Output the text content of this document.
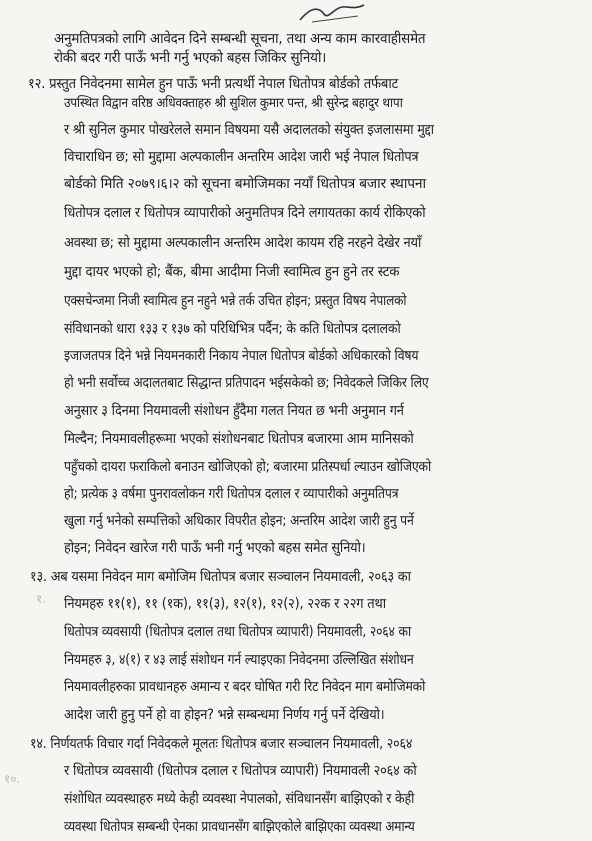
अनुमतिपत्रको लागि आवेदन दिने सम्बन्धी सूचना, तथा अन्य काम कारवाहीसमेत
रोकी बदर गरी पाऊँ भनी गर्नु भएको बहस जिकिर सुनियो।
१२. प्रस्तुत निवेदनमा सामेल हुन पाऊँ भनी प्रत्यर्थी नेपाल धितोपत्र बोर्डको तर्फबाट
उपस्थित विद्वान वरिष्ठ अधिवक्ताहरु श्री सुशिल कुमार पन्त, श्री सुरेन्द्र बहादुर थापा
र श्री सुनिल कुमार पोखरेलले समान विषयमा यसै अदालतको संयुक्त इजलासमा मुद्दा
विचाराधिन छ; सो मुद्दामा अल्पकालीन अन्तरिम आदेश जारी भई नेपाल धितोपत्र
बोर्डको मिति २०७९।६।२ को सूचना बमोजिमका नयाँ धितोपत्र बजार स्थापना
धितोपत्र दलाल र धितोपत्र व्यापारीको अनुमतिपत्र दिने लगायतका कार्य रोकिएको
अवस्था छ; सो मुद्दामा अल्पकालीन अन्तरिम आदेश कायम रहि नरहने देखेर नयाँ
मुद्दा दायर भएको हो; बैंक, बीमा आदीमा निजी स्वामित्व हुन हुने तर स्टक
एक्सचेन्जमा निजी स्वामित्व हुन नहुने भन्ने तर्क उचित होइन; प्रस्तुत विषय नेपालको
संविधानको धारा १३३ र १३७ को परिधिभित्र पर्दैन; के कति धितोपत्र दलालको
इजाजतपत्र दिने भन्ने नियमनकारी निकाय नेपाल धितोपत्र बोर्डको अधिकारको विषय
हो भनी सर्वोच्च अदालतबाट सिद्धान्त प्रतिपादन भईसकेको छ; निवेदकले जिकिर लिए
अनुसार ३ दिनमा नियमावली संशोधन हुँदैमा गलत नियत छ भनी अनुमान गर्न
मिल्दैन; नियमावलीहरूमा भएको संशोधनबाट धितोपत्र बजारमा आम मानिसको
पहुँचको दायरा फराकिलो बनाउन खोजिएको हो; बजारमा प्रतिस्पर्धा ल्याउन खोजिएको
हो; प्रत्येक ३ वर्षमा पुनरावलोकन गरी धितोपत्र दलाल र व्यापारीको अनुमतिपत्र
खुला गर्नु भनेको सम्पत्तिको अधिकार विपरीत होइन; अन्तरिम आदेश जारी हुनु पर्ने
होइन; निवेदन खारेज गरी पाऊँ भनी गर्नु भएको बहस समेत सुनियो।
१३. अब यसमा निवेदन माग बमोजिम धितोपत्र बजार सञ्चालन नियमावली, २०६३ का
१. नियमहरु ११(१), ११ (१क), ११(३), १२(१), १२(२), २२क र २२ग तथा
धितोपत्र व्यवसायी (धितोपत्र दलाल तथा धितोपत्र व्यापारी) नियमावली, २०६४ का
नियमहरु ३, ४(१) र ४३ लाई संशोधन गर्न ल्याइएका निवेदनमा उल्लिखित संशोधन
नियमावलीहरुका प्रावधानहरु अमान्य र बदर घोषित गरी रिट निवेदन माग बमोजिमको
आदेश जारी हुनु पर्ने हो वा होइन? भन्ने सम्बन्धमा निर्णय गर्नु पर्ने देखियो।
१४. निर्णयतर्फ विचार गर्दा निवेदकले मूलतः धितोपत्र बजार सञ्चालन नियमावली, २०६४
र धितोपत्र व्यवसायी (धितोपत्र दलाल र धितोपत्र व्यापारी) नियमावली २०६४ को
१०.
संशोधित व्यवस्थाहरु मध्ये केही व्यवस्था नेपालको, संविधानसँग बाझिएको र केही
व्यवस्था धितोपत्र सम्बन्धी ऐनका प्रावधानसँग बाझिएकोले बाझिएका व्यवस्था अमान्य
